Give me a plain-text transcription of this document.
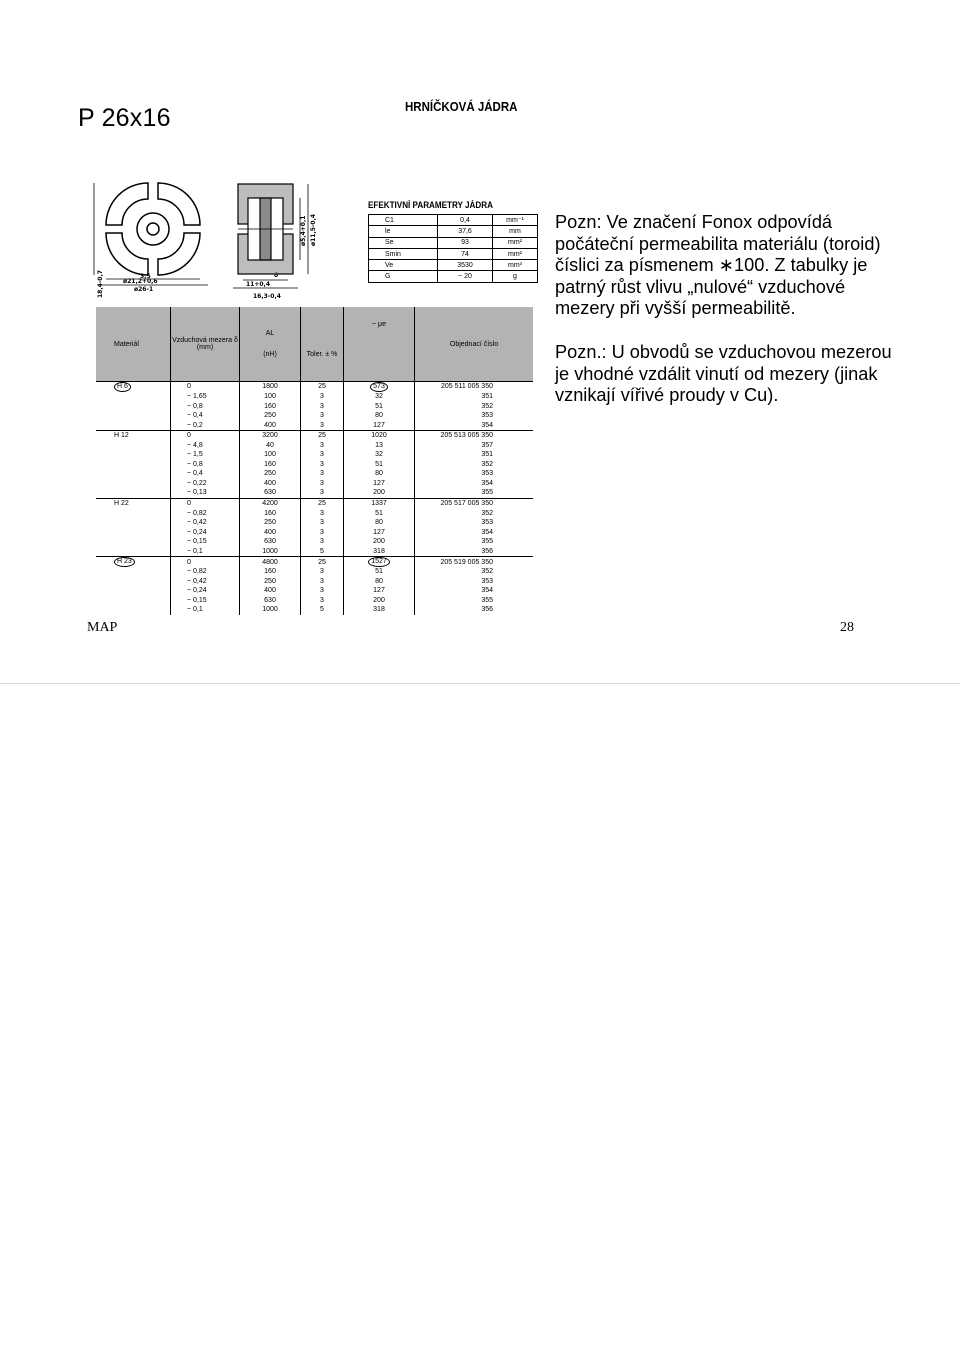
P 26x16	HRNÍČKOVÁ JÁDRA
18,4-0,7	3,5
ø21,2+0,6
ø26-1
ø5,4+0,1 ø11,5-0,4
11+0,4
16,3-0,4
ó
EFEKTIVNÍ PARAMETRY JÁDRA
C1	0,4	mm⁻¹
le	37,6	mm
Se	93	mm²
Smin	74	mm²
Ve	3530	mm³
G	~ 20	g
Materiál	Vzduchová mezera δ (mm)	AL
(nH)	Toler. ± %	~ μe	Objednací číslo
H 6	0	1800	25	573	205 511 005 350
	~ 1,65	100	3	32	351
	~ 0,8	160	3	51	352
	~ 0,4	250	3	80	353
	~ 0,2	400	3	127	354
H 12	0	3200	25	1020	205 513 005 350
	~ 4,8	40	3	13	357
	~ 1,5	100	3	32	351
	~ 0,8	160	3	51	352
	~ 0,4	250	3	80	353
	~ 0,22	400	3	127	354
	~ 0,13	630	3	200	355
H 22	0	4200	25	1337	205 517 005 350
	~ 0,82	160	3	51	352
	~ 0,42	250	3	80	353
	~ 0,24	400	3	127	354
	~ 0,15	630	3	200	355
	~ 0,1	1000	5	318	356
H 23	0	4800	25	1527	205 519 005 350
	~ 0,82	160	3	51	352
	~ 0,42	250	3	80	353
	~ 0,24	400	3	127	354
	~ 0,15	630	3	200	355
	~ 0,1	1000	5	318	356

Pozn: Ve značení Fonox odpovídá počáteční permeabilita materiálu (toroid) číslici za písmenem ∗100. Z tabulky je patrný růst vlivu „nulové“ vzduchové mezery při vyšší permeabilitě.

Pozn.: U obvodů se vzduchovou mezerou je vhodné vzdálit vinutí od mezery (jinak vznikají vířivé proudy v Cu).

MAP	28
